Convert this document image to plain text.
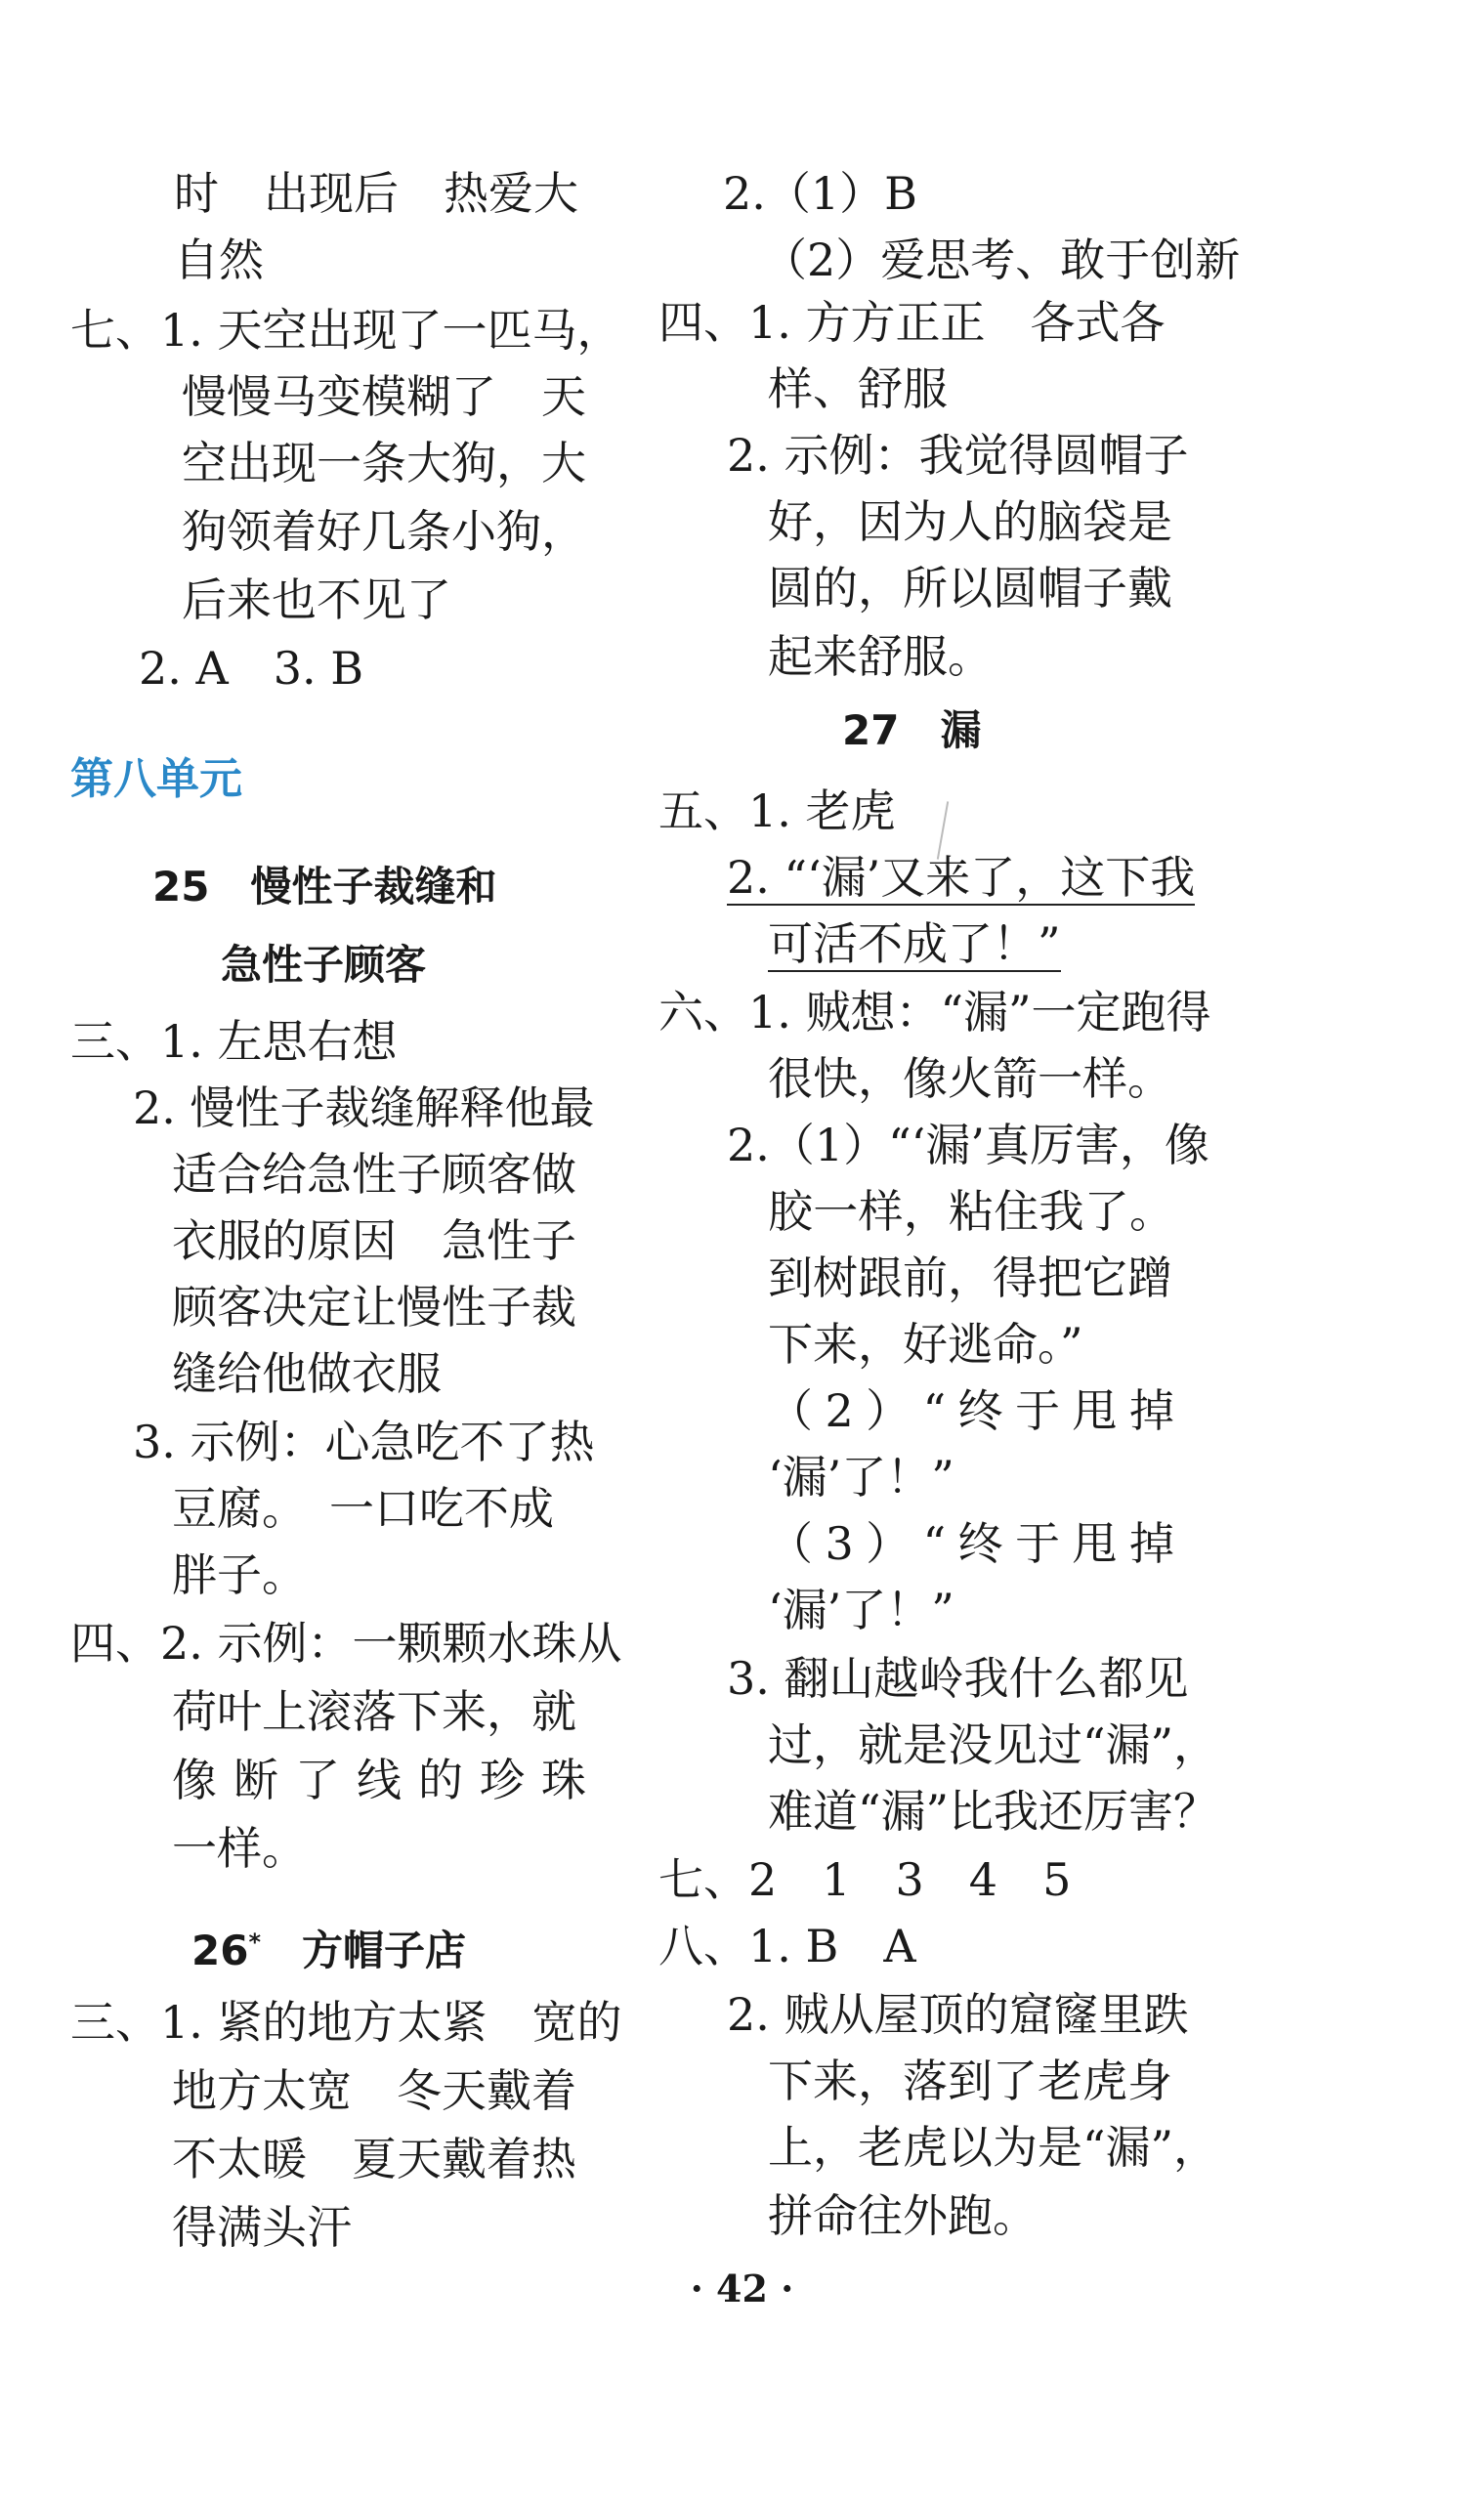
时　出现后　热爱大
自然
七、1. 天空出现了一匹马，
慢慢马变模糊了　天
空出现一条大狗，大
狗领着好几条小狗，
后来也不见了
2. A　3. B
第八单元
25　慢性子裁缝和
急性子顾客
三、1. 左思右想
2. 慢性子裁缝解释他最
适合给急性子顾客做
衣服的原因　急性子
顾客决定让慢性子裁
缝给他做衣服
3. 示例：心急吃不了热
豆腐。　一口吃不成
胖子。
四、2. 示例：一颗颗水珠从
荷叶上滚落下来，就
像断了线的珍珠
一样。
26*　 方帽子店
三、1. 紧的地方太紧　宽的
地方太宽　冬天戴着
不太暖　夏天戴着热
得满头汗
2.（1）B
（2）爱思考、敢于创新
四、1. 方方正正　各式各
样、舒服
2. 示例：我觉得圆帽子
好，因为人的脑袋是
圆的，所以圆帽子戴
起来舒服。
27　漏
五、1. 老虎
2. “‘漏’又来了，这下我
可活不成了！”
六、1. 贼想：“漏”一定跑得
很快，像火箭一样。
2.（1）“‘漏’真厉害，像
胶一样，粘住我了。
到树跟前，得把它蹭
下来，好逃命。”
（2）“终于甩掉
‘漏’了！”
（3）“终于甩掉
‘漏’了！”
3. 翻山越岭我什么都见
过，就是没见过“漏”，
难道“漏”比我还厉害？
七、2　1　3　4　5
八、1. B　A
2. 贼从屋顶的窟窿里跌
下来，落到了老虎身
上，老虎以为是“漏”，
拼命往外跑。
· 42 ·
